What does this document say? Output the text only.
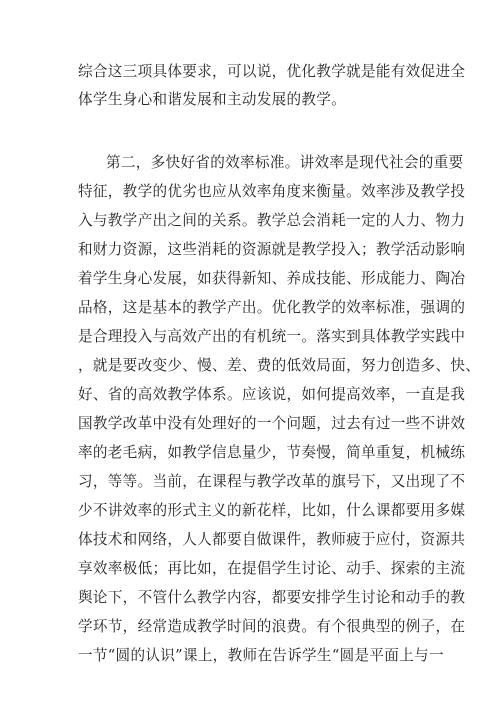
综合这三项具体要求，可以说，优化教学就是能有效促进全
体学生身心和谐发展和主动发展的教学。
第二，多快好省的效率标准。讲效率是现代社会的重要
特征，教学的优劣也应从效率角度来衡量。效率涉及教学投
入与教学产出之间的关系。教学总会消耗一定的人力、物力
和财力资源，这些消耗的资源就是教学投入；教学活动影响
着学生身心发展，如获得新知、养成技能、形成能力、陶冶
品格，这是基本的教学产出。优化教学的效率标准，强调的
是合理投入与高效产出的有机统一。落实到具体教学实践中
，就是要改变少、慢、差、费的低效局面，努力创造多、快、
好、省的高效教学体系。应该说，如何提高效率，一直是我
国教学改革中没有处理好的一个问题，过去有过一些不讲效
率的老毛病，如教学信息量少，节奏慢，简单重复，机械练
习，等等。当前，在课程与教学改革的旗号下，又出现了不
少不讲效率的形式主义的新花样，比如，什么课都要用多媒
体技术和网络，人人都要自做课件，教师疲于应付，资源共
享效率极低；再比如，在提倡学生讨论、动手、探索的主流
舆论下，不管什么教学内容，都要安排学生讨论和动手的教
学环节，经常造成教学时间的浪费。有个很典型的例子，在
一节“圆的认识”课上，教师在告诉学生“圆是平面上与一
